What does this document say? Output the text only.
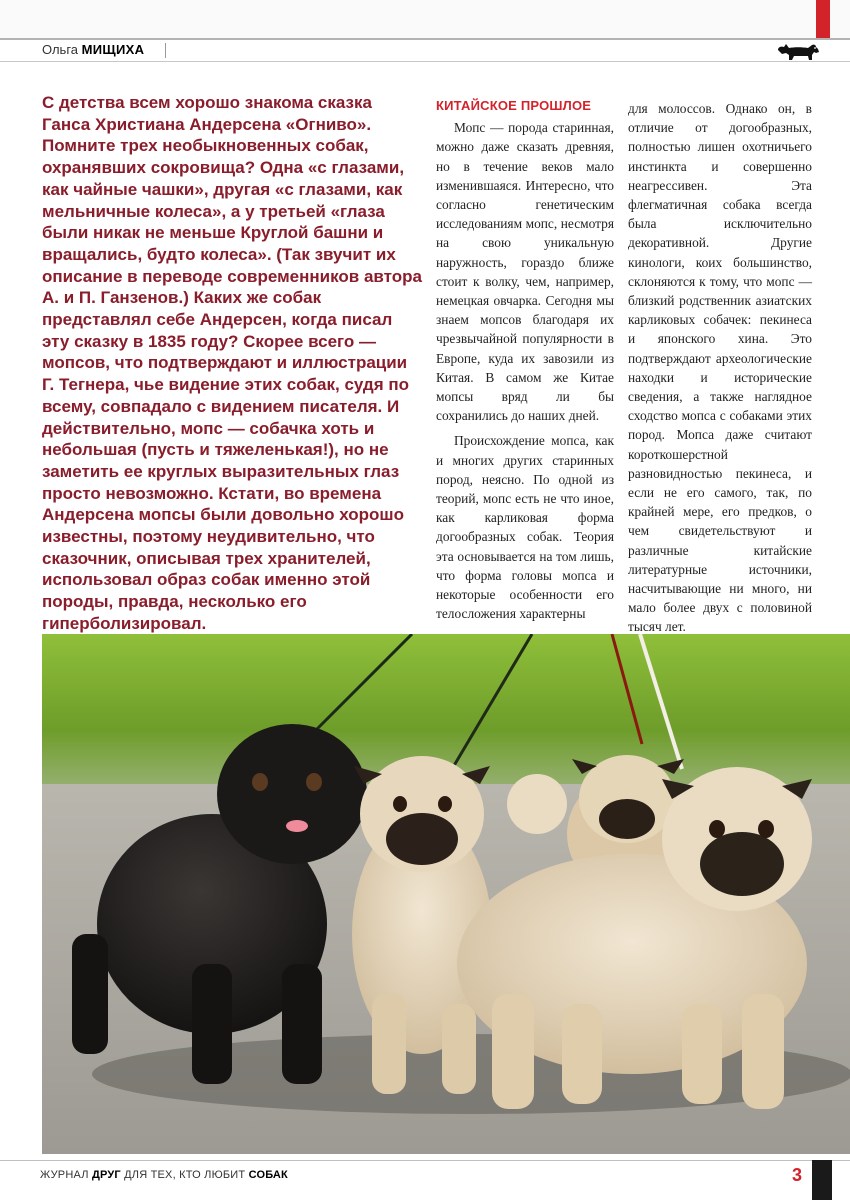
Ольга МИЩИХА
С детства всем хорошо знакома сказка Ганса Христиана Андерсена «Огниво». Помните трех необыкновенных собак, охранявших сокровища? Одна «с глазами, как чайные чашки», другая «с глазами, как мельничные колеса», а у третьей «глаза были никак не меньше Круглой башни и вращались, будто колеса». (Так звучит их описание в переводе современников автора А. и П. Ганзенов.) Каких же собак представлял себе Андерсен, когда писал эту сказку в 1835 году? Скорее всего — мопсов, что подтверждают и иллюстрации Г. Тегнера, чье видение этих собак, судя по всему, совпадало с видением писателя. И действительно, мопс — собачка хоть и небольшая (пусть и тяжеленькая!), но не заметить ее круглых выразительных глаз просто невозможно. Кстати, во времена Андерсена мопсы были довольно хорошо известны, поэтому неудивительно, что сказочник, описывая трех хранителей, использовал образ собак именно этой породы, правда, несколько его гиперболизировал.
КИТАЙСКОЕ ПРОШЛОЕ

Мопс — порода старинная, можно даже сказать древняя, но в течение веков мало изменившаяся. Интересно, что согласно генетическим исследованиям мопс, несмотря на свою уникальную наружность, гораздо ближе стоит к волку, чем, например, немецкая овчарка. Сегодня мы знаем мопсов благодаря их чрезвычайной популярности в Европе, куда их завозили из Китая. В самом же Китае мопсы вряд ли бы сохранились до наших дней.

Происхождение мопса, как и многих других старинных пород, неясно. По одной из теорий, мопс есть не что иное, как карликовая форма догообразных собак. Теория эта основывается на том лишь, что форма головы мопса и некоторые особенности его телосложения характерны

для молоссов. Однако он, в отличие от догообразных, полностью лишен охотничьего инстинкта и совершенно неагрессивен. Эта флегматичная собака всегда была исключительно декоративной. Другие кинологи, коих большинство, склоняются к тому, что мопс — близкий родственник азиатских карликовых собачек: пекинеса и японского хина. Это подтверждают археологические находки и исторические сведения, а также наглядное сходство мопса с собаками этих пород. Мопса даже считают короткошерстной разновидностью пекинеса, и если не его самого, так, по крайней мере, его предков, о чем свидетельствуют и различные китайские литературные источники, насчитывающие ни много, ни мало более двух с половиной тысяч лет.

ЖУРНАЛ ДРУГ ДЛЯ ТЕХ, КТО ЛЮБИТ СОБАК	3
